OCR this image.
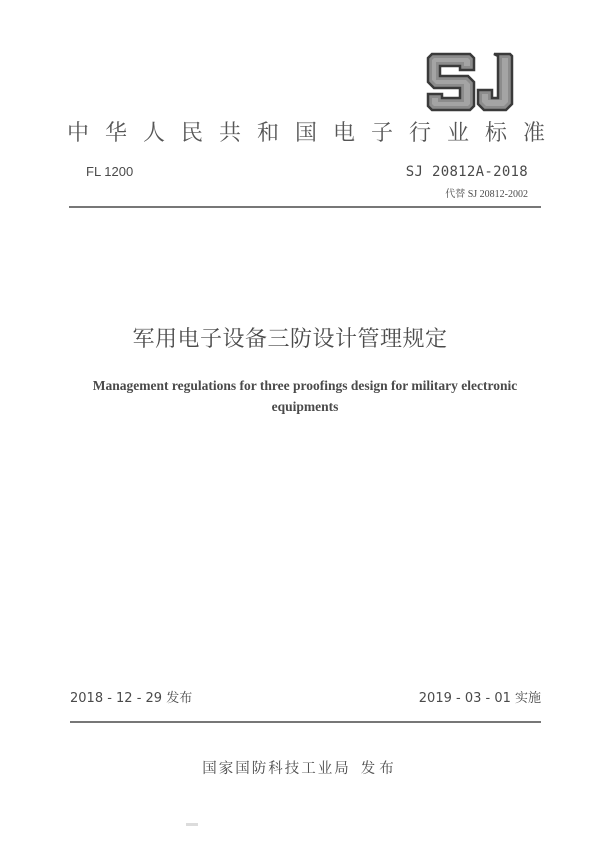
中 华 人 民 共 和 国 电 子 行 业 标 准
FL 1200	SJ 20812A-2018
代替 SJ 20812-2002
军用电子设备三防设计管理规定
Management regulations for three proofings design for military electronic
equipments
2018 - 12 - 29 发布	2019 - 03 - 01 实施
国家国防科技工业局 发布
